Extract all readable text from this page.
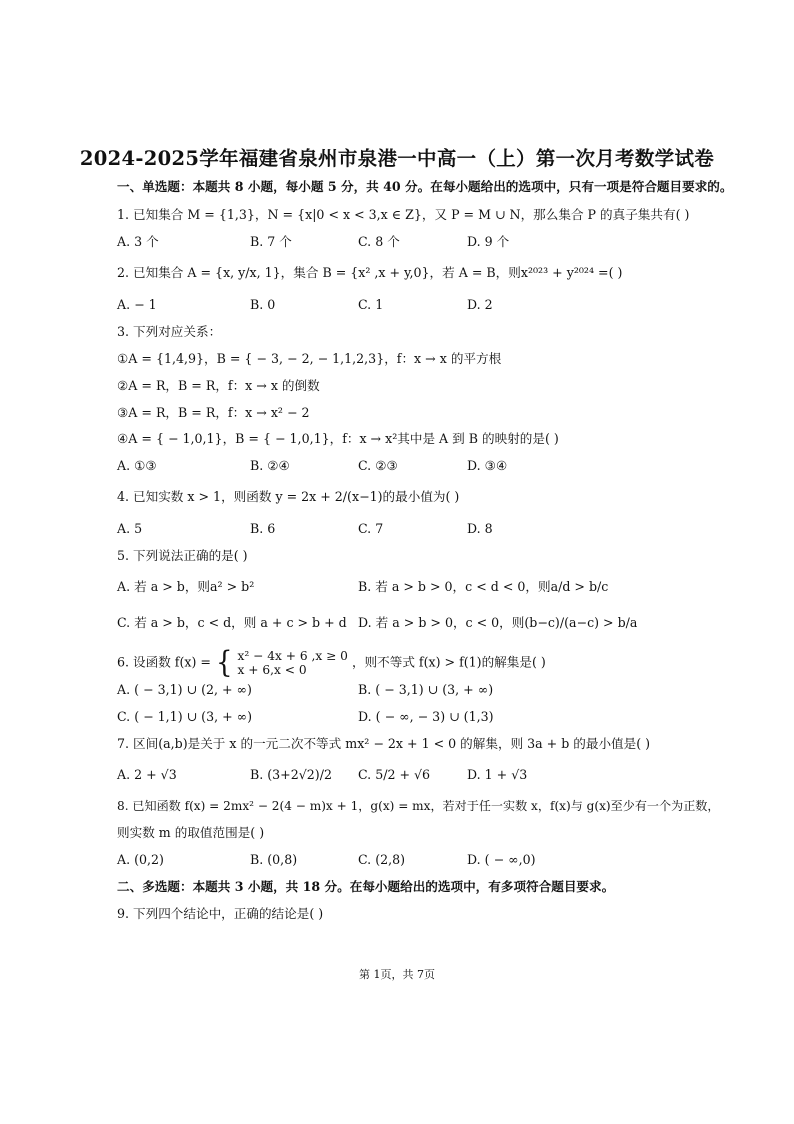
2024-2025学年福建省泉州市泉港一中高一（上）第一次月考数学试卷
一、单选题：本题共 8 小题，每小题 5 分，共 40 分。在每小题给出的选项中，只有一项是符合题目要求的。
1. 已知集合 M = {1,3}，N = {x|0 < x < 3,x ∈ Z}，又 P = M ∪ N，那么集合 P 的真子集共有( )
A. 3 个	B. 7 个	C. 8 个	D. 9 个
2. 已知集合 A = {x, y/x, 1}，集合 B = {x² ,x + y,0}，若 A = B，则x²⁰²³ + y²⁰²⁴ =( )
A. − 1	B. 0	C. 1	D. 2
3. 下列对应关系：
①A = {1,4,9}，B = { − 3, − 2, − 1,1,2,3}，f：x → x 的平方根
②A = R，B = R，f：x → x 的倒数
③A = R，B = R，f：x → x² − 2
④A = { − 1,0,1}，B = { − 1,0,1}，f：x → x²其中是 A 到 B 的映射的是( )
A. ①③	B. ②④	C. ②③	D. ③④
4. 已知实数 x > 1，则函数 y = 2x + 2/(x−1)的最小值为( )
A. 5	B. 6	C. 7	D. 8
5. 下列说法正确的是( )
A. 若 a > b，则a² > b²	B. 若 a > b > 0，c < d < 0，则a/d > b/c
C. 若 a > b，c < d，则 a + c > b + d D. 若 a > b > 0，c < 0，则(b−c)/(a−c) > b/a
6. 设函数 f(x) = { x² − 4x + 6 ,x ≥ 0
x + 6,x < 0
，则不等式 f(x) > f(1)的解集是( )
A. ( − 3,1) ∪ (2, + ∞)	B. ( − 3,1) ∪ (3, + ∞)
C. ( − 1,1) ∪ (3, + ∞)	D. ( − ∞, − 3) ∪ (1,3)
7. 区间(a,b)是关于 x 的一元二次不等式 mx² − 2x + 1 < 0 的解集，则 3a + b 的最小值是( )
A. 2 + √3	B. (3+2√2)/2 C. 5/2 + √6	D. 1 + √3
8. 已知函数 f(x) = 2mx² − 2(4 − m)x + 1，g(x) = mx，若对于任一实数 x，f(x)与 g(x)至少有一个为正数，
则实数 m 的取值范围是( )
A. (0,2)	B. (0,8)	C. (2,8)	D. ( − ∞,0)
二、多选题：本题共 3 小题，共 18 分。在每小题给出的选项中，有多项符合题目要求。
9. 下列四个结论中，正确的结论是( )
第 1页，共 7页
